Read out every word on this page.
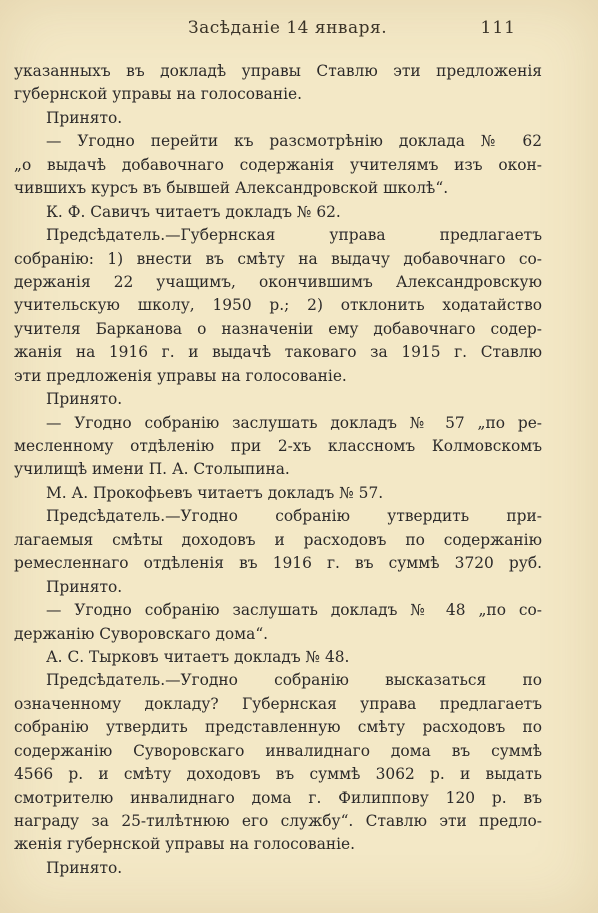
Засѣданіе 14 января.	111
указанныхъ въ докладѣ управы Ставлю эти предложенія
губернской управы на голосованіе.
Принято.
— Угодно перейти къ разсмотрѣнію доклада № 62
„о выдачѣ добавочнаго содержанія учителямъ изъ окон-
чившихъ курсъ въ бывшей Александровской школѣ“.
К. Ф. Савичъ читаетъ докладъ № 62.
Предсѣдатель.—Губернская управа предлагаетъ
собранію: 1) внести въ смѣту на выдачу добавочнаго со-
держанія 22 учащимъ, окончившимъ Александровскую
учительскую школу, 1950 р.; 2) отклонить ходатайство
учителя Барканова о назначеніи ему добавочнаго содер-
жанія на 1916 г. и выдачѣ таковаго за 1915 г. Ставлю
эти предложенія управы на голосованіе.
Принято.
— Угодно собранію заслушать докладъ № 57 „по ре-
месленному отдѣленію при 2-хъ классномъ Колмовскомъ
училищѣ имени П. А. Столыпина.
М. А. Прокофьевъ читаетъ докладъ № 57.
Предсѣдатель.—Угодно собранію утвердить при-
лагаемыя смѣты доходовъ и расходовъ по содержанію
ремесленнаго отдѣленія въ 1916 г. въ суммѣ 3720 руб.
Принято.
— Угодно собранію заслушать докладъ № 48 „по со-
держанію Суворовскаго дома“.
А. С. Тырковъ читаетъ докладъ № 48.
Предсѣдатель.—Угодно собранію высказаться по
означенному докладу? Губернская управа предлагаетъ
собранію утвердить представленную смѣту расходовъ по
содержанію Суворовскаго инвалиднаго дома въ суммѣ
4566 р. и смѣту доходовъ въ суммѣ 3062 р. и выдать
смотрителю инвалиднаго дома г. Филиппову 120 р. въ
награду за 25-тилѣтнюю его службу“. Ставлю эти предло-
женія губернской управы на голосованіе.
Принято.
